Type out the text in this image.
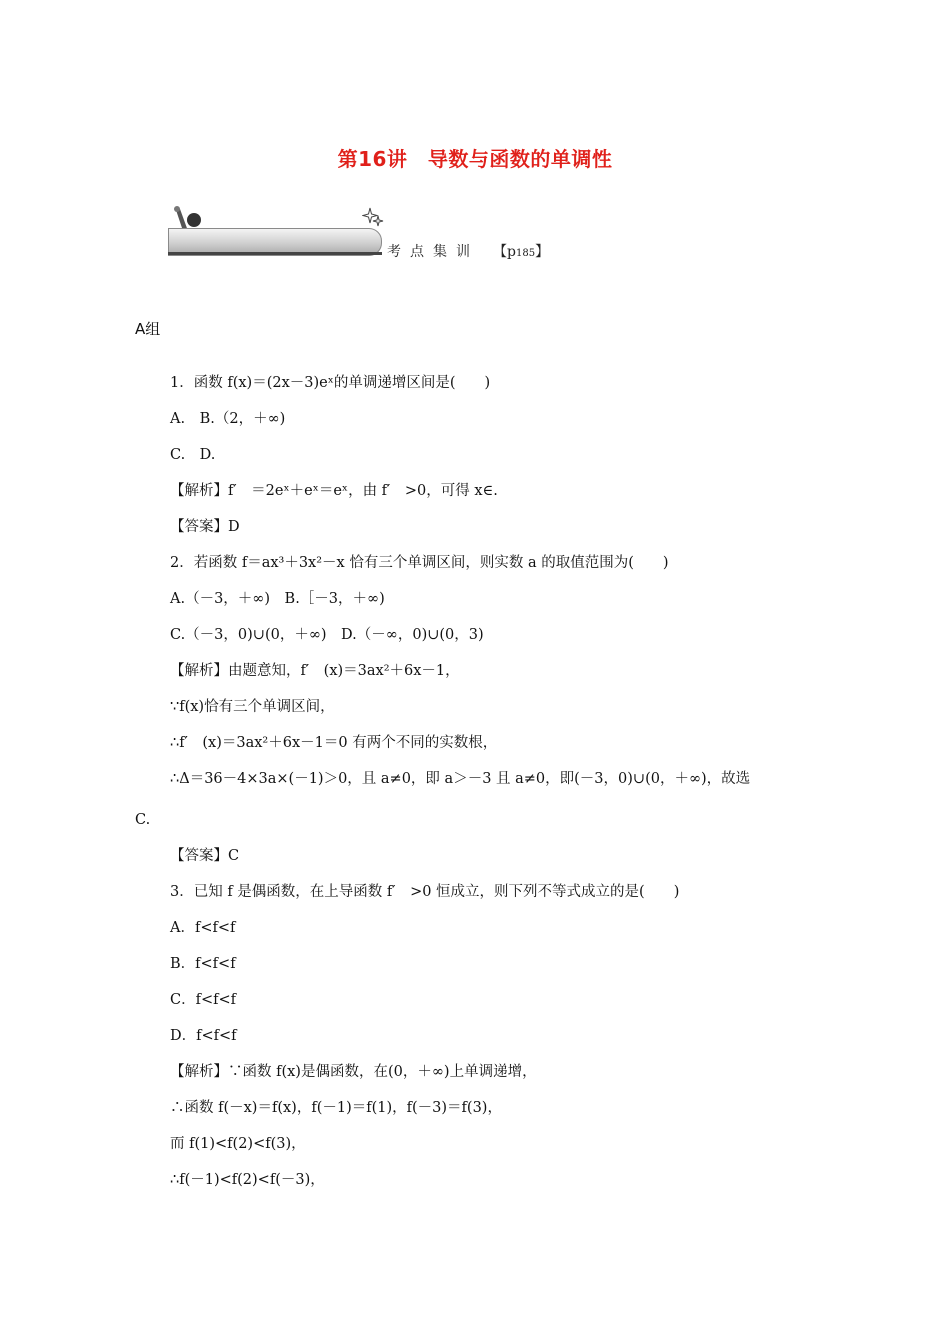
第16讲　导数与函数的单调性
考点集训 【p185】
A组
1．函数 f(x)＝(2x－3)eˣ的单调递增区间是(　　)
A.　B.（2，＋∞)
C.　D.
【解析】f′　＝2eˣ＋eˣ＝eˣ，由 f′　>0，可得 x∈.
【答案】D
2．若函数 f＝ax³＋3x²－x 恰有三个单调区间，则实数 a 的取值范围为(　　)
A.（－3，＋∞)　B.［－3，＋∞)
C.（－3，0)∪(0，＋∞)　D.（－∞，0)∪(0，3)
【解析】由题意知，f′　(x)＝3ax²＋6x－1，
∵f(x)恰有三个单调区间，
∴f′　(x)＝3ax²＋6x－1＝0 有两个不同的实数根，
∴Δ＝36－4×3a×(－1)＞0，且 a≠0，即 a＞－3 且 a≠0，即(－3，0)∪(0，＋∞)，故选
C.
【答案】C
3．已知 f 是偶函数，在上导函数 f′　>0 恒成立，则下列不等式成立的是(　　)
A．f<f<f
B．f<f<f
C．f<f<f
D．f<f<f
【解析】∵函数 f(x)是偶函数，在(0，＋∞)上单调递增，
∴函数 f(－x)＝f(x)，f(－1)＝f(1)，f(－3)＝f(3)，
而 f(1)<f(2)<f(3)，
∴f(－1)<f(2)<f(－3)，
